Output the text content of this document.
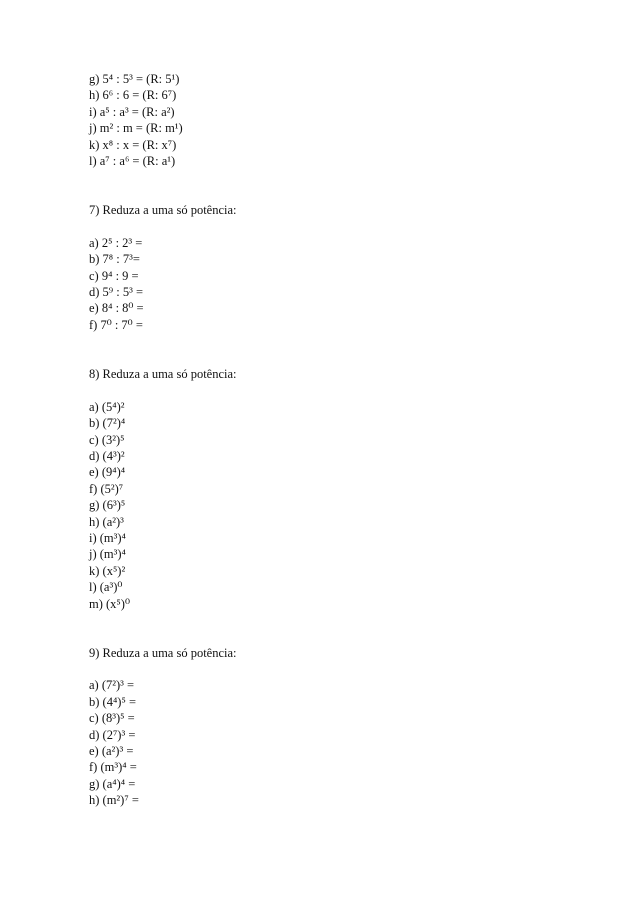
g) 5⁴ : 5³ = (R: 5¹)
h) 6⁶ : 6 = (R: 6⁷)
i) a⁵ : a³ = (R: a²)
j) m² : m = (R: m¹)
k) x⁸ : x = (R: x⁷)
l) a⁷ : a⁶ = (R: a¹)
7) Reduza a uma só potência:
a) 2⁵ : 2³ =
b) 7⁸ : 7³=
c) 9⁴ : 9 =
d) 5⁹ : 5³ =
e) 8⁴ : 8⁰ =
f) 7⁰ : 7⁰ =
8) Reduza a uma só potência:
a) (5⁴)²
b) (7²)⁴
c) (3²)⁵
d) (4³)²
e) (9⁴)⁴
f) (5²)⁷
g) (6³)⁵
h) (a²)³
i) (m³)⁴
j) (m³)⁴
k) (x⁵)²
l) (a³)⁰
m) (x⁵)⁰
9) Reduza a uma só potência:
a) (7²)³ =
b) (4⁴)⁵ =
c) (8³)⁵ =
d) (2⁷)³ =
e) (a²)³ =
f) (m³)⁴ =
g) (a⁴)⁴ =
h) (m²)⁷ =
